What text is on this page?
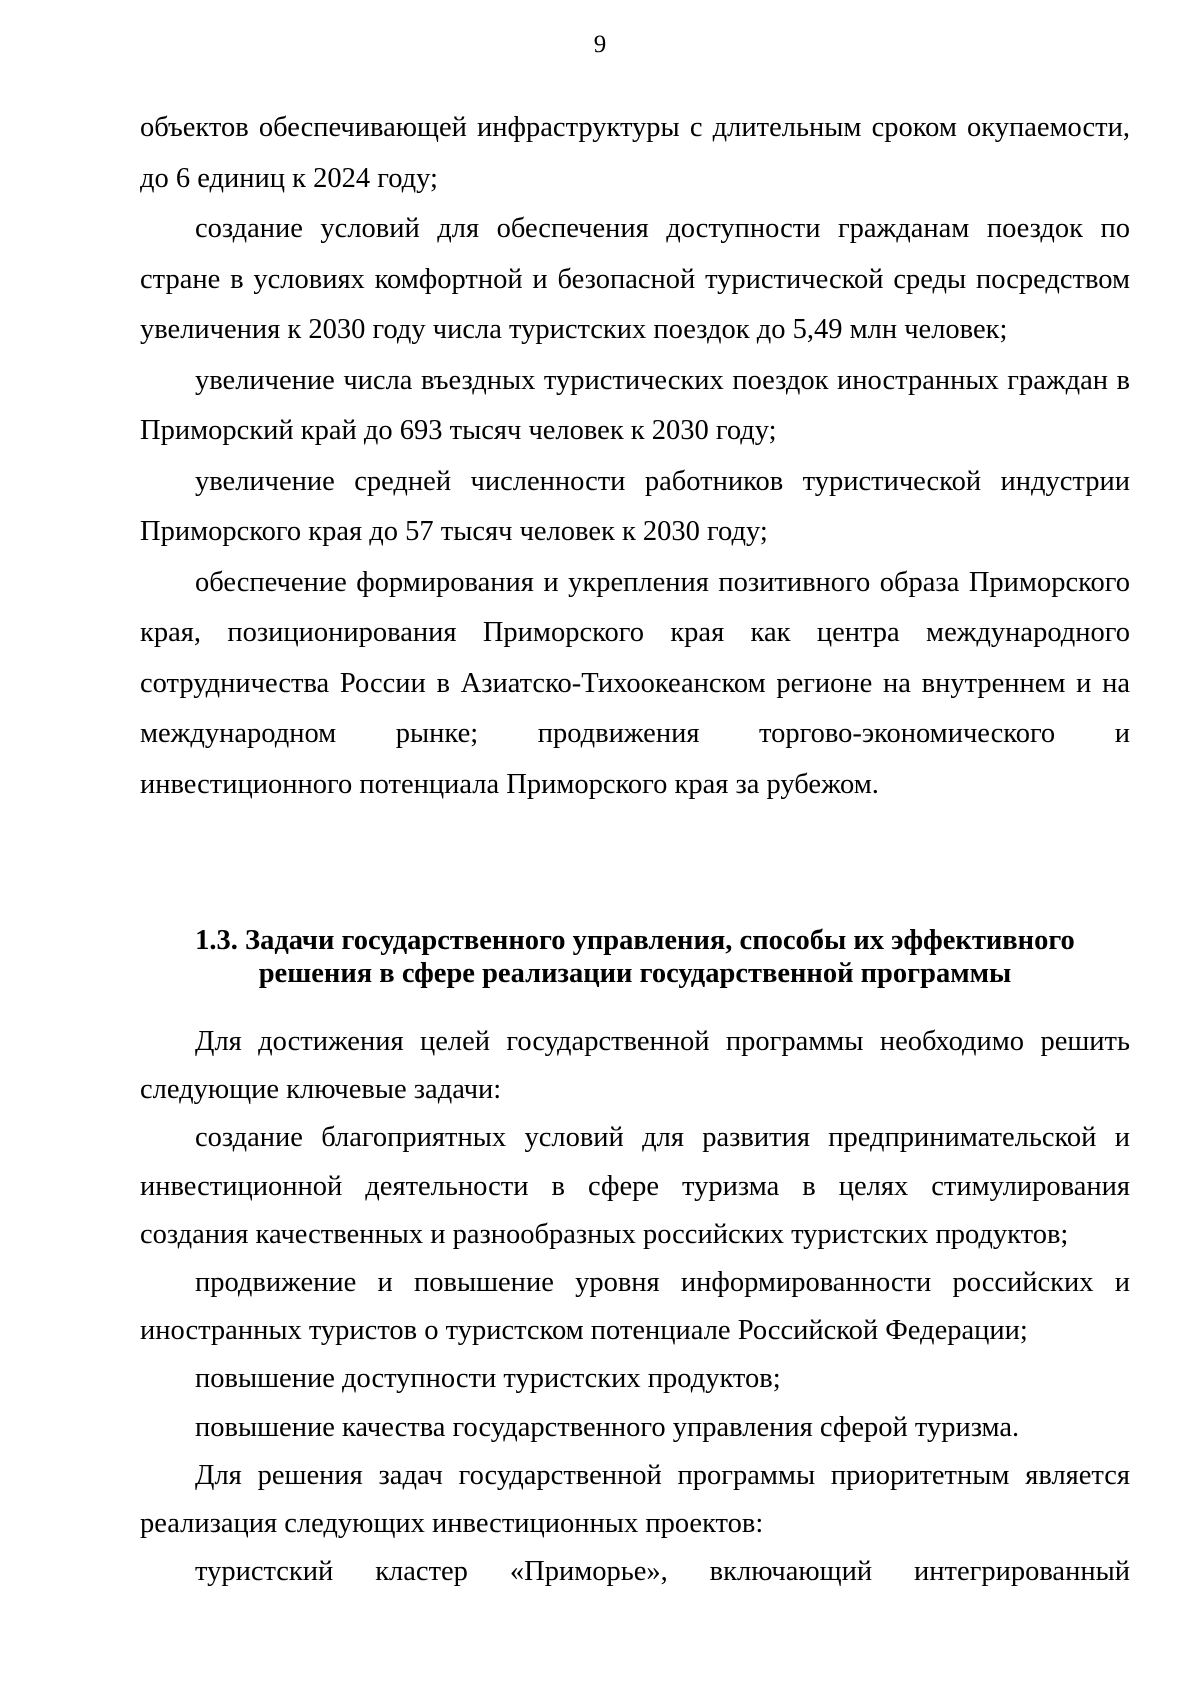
9

объектов обеспечивающей инфраструктуры с длительным сроком окупаемости, до 6 единиц к 2024 году;

создание условий для обеспечения доступности гражданам поездок по стране в условиях комфортной и безопасной туристической среды посредством увеличения к 2030 году числа туристских поездок до 5,49 млн человек;

увеличение числа въездных туристических поездок иностранных граждан в Приморский край до 693 тысяч человек к 2030 году;

увеличение средней численности работников туристической индустрии Приморского края до 57 тысяч человек к 2030 году;

обеспечение формирования и укрепления позитивного образа Приморского края, позиционирования Приморского края как центра международного сотрудничества России в Азиатско-Тихоокеанском регионе на внутреннем и на международном рынке; продвижения торгово-экономического и инвестиционного потенциала Приморского края за рубежом.

1.3. Задачи государственного управления, способы их эффективного
решения в сфере реализации государственной программы

Для достижения целей государственной программы необходимо решить следующие ключевые задачи:

создание благоприятных условий для развития предпринимательской и инвестиционной деятельности в сфере туризма в целях стимулирования создания качественных и разнообразных российских туристских продуктов;

продвижение и повышение уровня информированности российских и иностранных туристов о туристском потенциале Российской Федерации;

повышение доступности туристских продуктов;

повышение качества государственного управления сферой туризма.

Для решения задач государственной программы приоритетным является реализация следующих инвестиционных проектов:

туристский кластер «Приморье», включающий интегрированный
